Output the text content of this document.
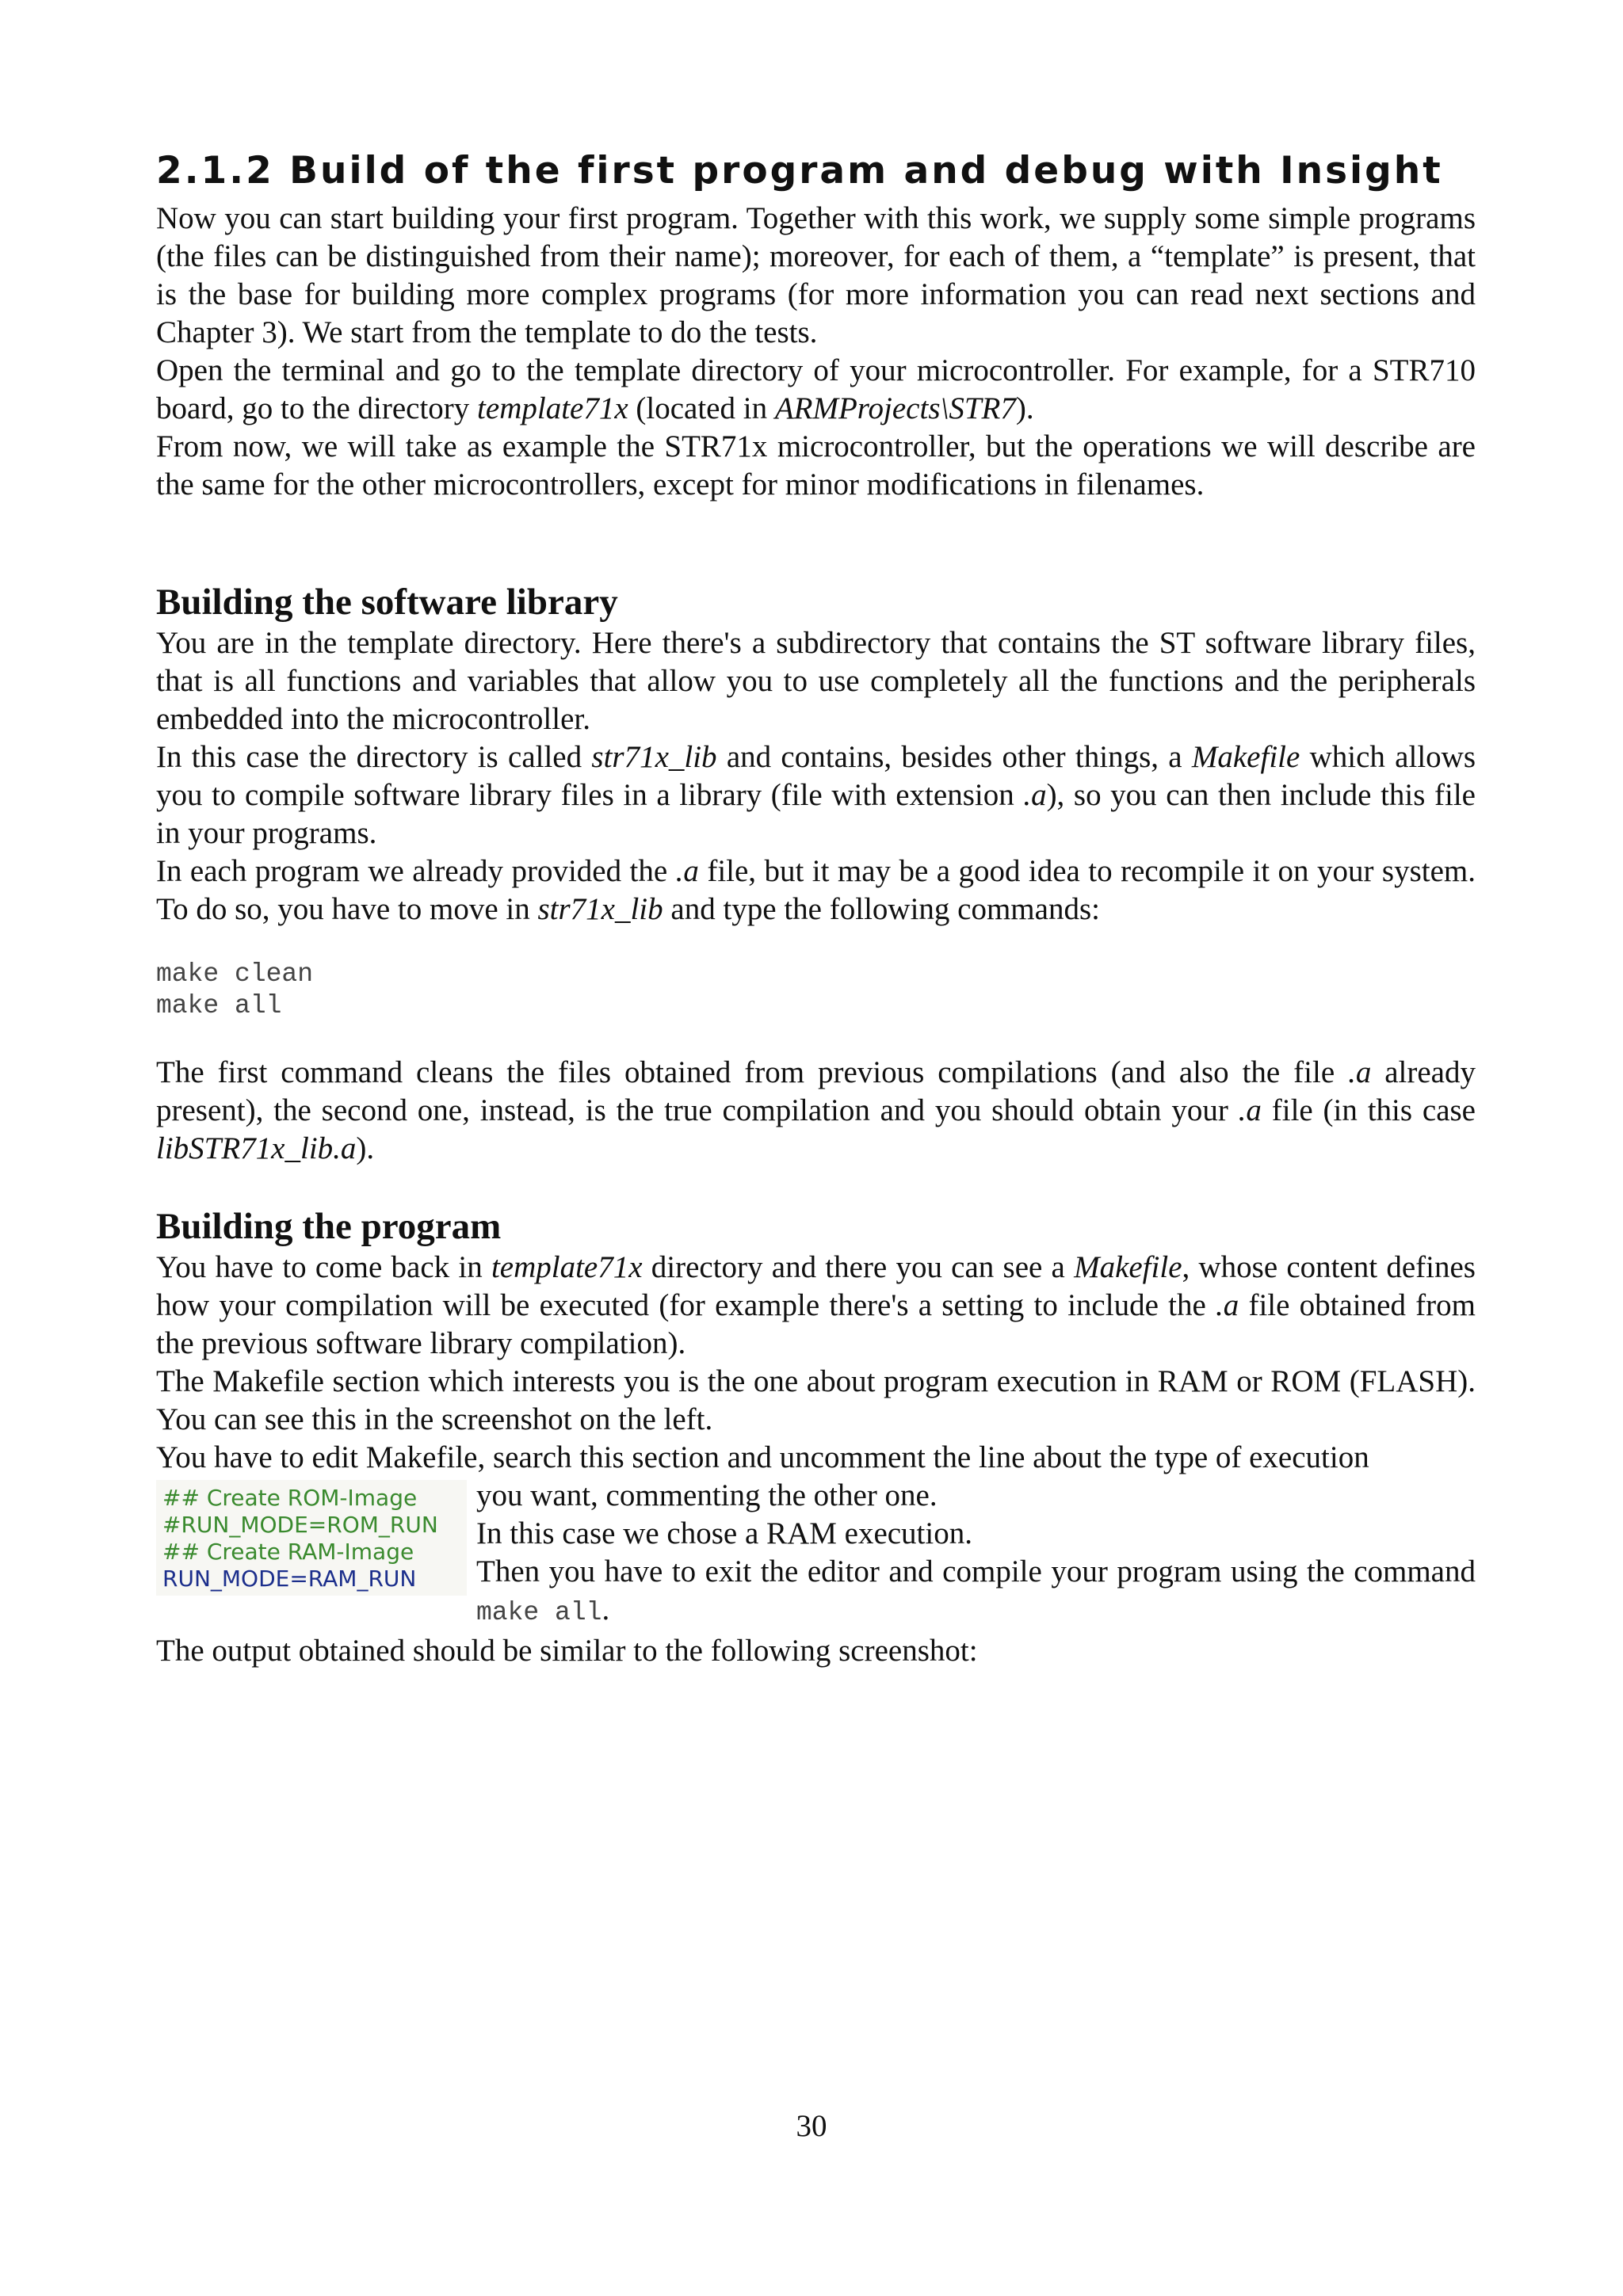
2.1.2 Build of the first program and debug with Insight

Now you can start building your first program. Together with this work, we supply some simple programs (the files can be distinguished from their name); moreover, for each of them, a “template” is present, that is the base for building more complex programs (for more information you can read next sections and Chapter 3). We start from the template to do the tests.

Open the terminal and go to the template directory of your microcontroller. For example, for a STR710 board, go to the directory template71x (located in ARMProjects\STR7).

From now, we will take as example the STR71x microcontroller, but the operations we will describe are the same for the other microcontrollers, except for minor modifications in filenames.

Building the software library

You are in the template directory. Here there's a subdirectory that contains the ST software library files, that is all functions and variables that allow you to use completely all the functions and the peripherals embedded into the microcontroller.

In this case the directory is called str71x_lib and contains, besides other things, a Makefile which allows you to compile software library files in a library (file with extension .a), so you can then include this file in your programs.

In each program we already provided the .a file, but it may be a good idea to recompile it on your system. To do so, you have to move in str71x_lib and type the following commands:

make clean
make all

The first command cleans the files obtained from previous compilations (and also the file .a already present), the second one, instead, is the true compilation and you should obtain your .a file (in this case libSTR71x_lib.a).

Building the program

You have to come back in template71x directory and there you can see a Makefile, whose content defines how your compilation will be executed (for example there's a setting to include the .a file obtained from the previous software library compilation).

The Makefile section which interests you is the one about program execution in RAM or ROM (FLASH). You can see this in the screenshot on the left.

You have to edit Makefile, search this section and uncomment the line about the type of execution

## Create ROM-Image
#RUN_MODE=ROM_RUN
## Create RAM-Image
RUN_MODE=RAM_RUN

you want, commenting the other one.

In this case we chose a RAM execution.

Then you have to exit the editor and compile your program using the command make all.

The output obtained should be similar to the following screenshot:

30
